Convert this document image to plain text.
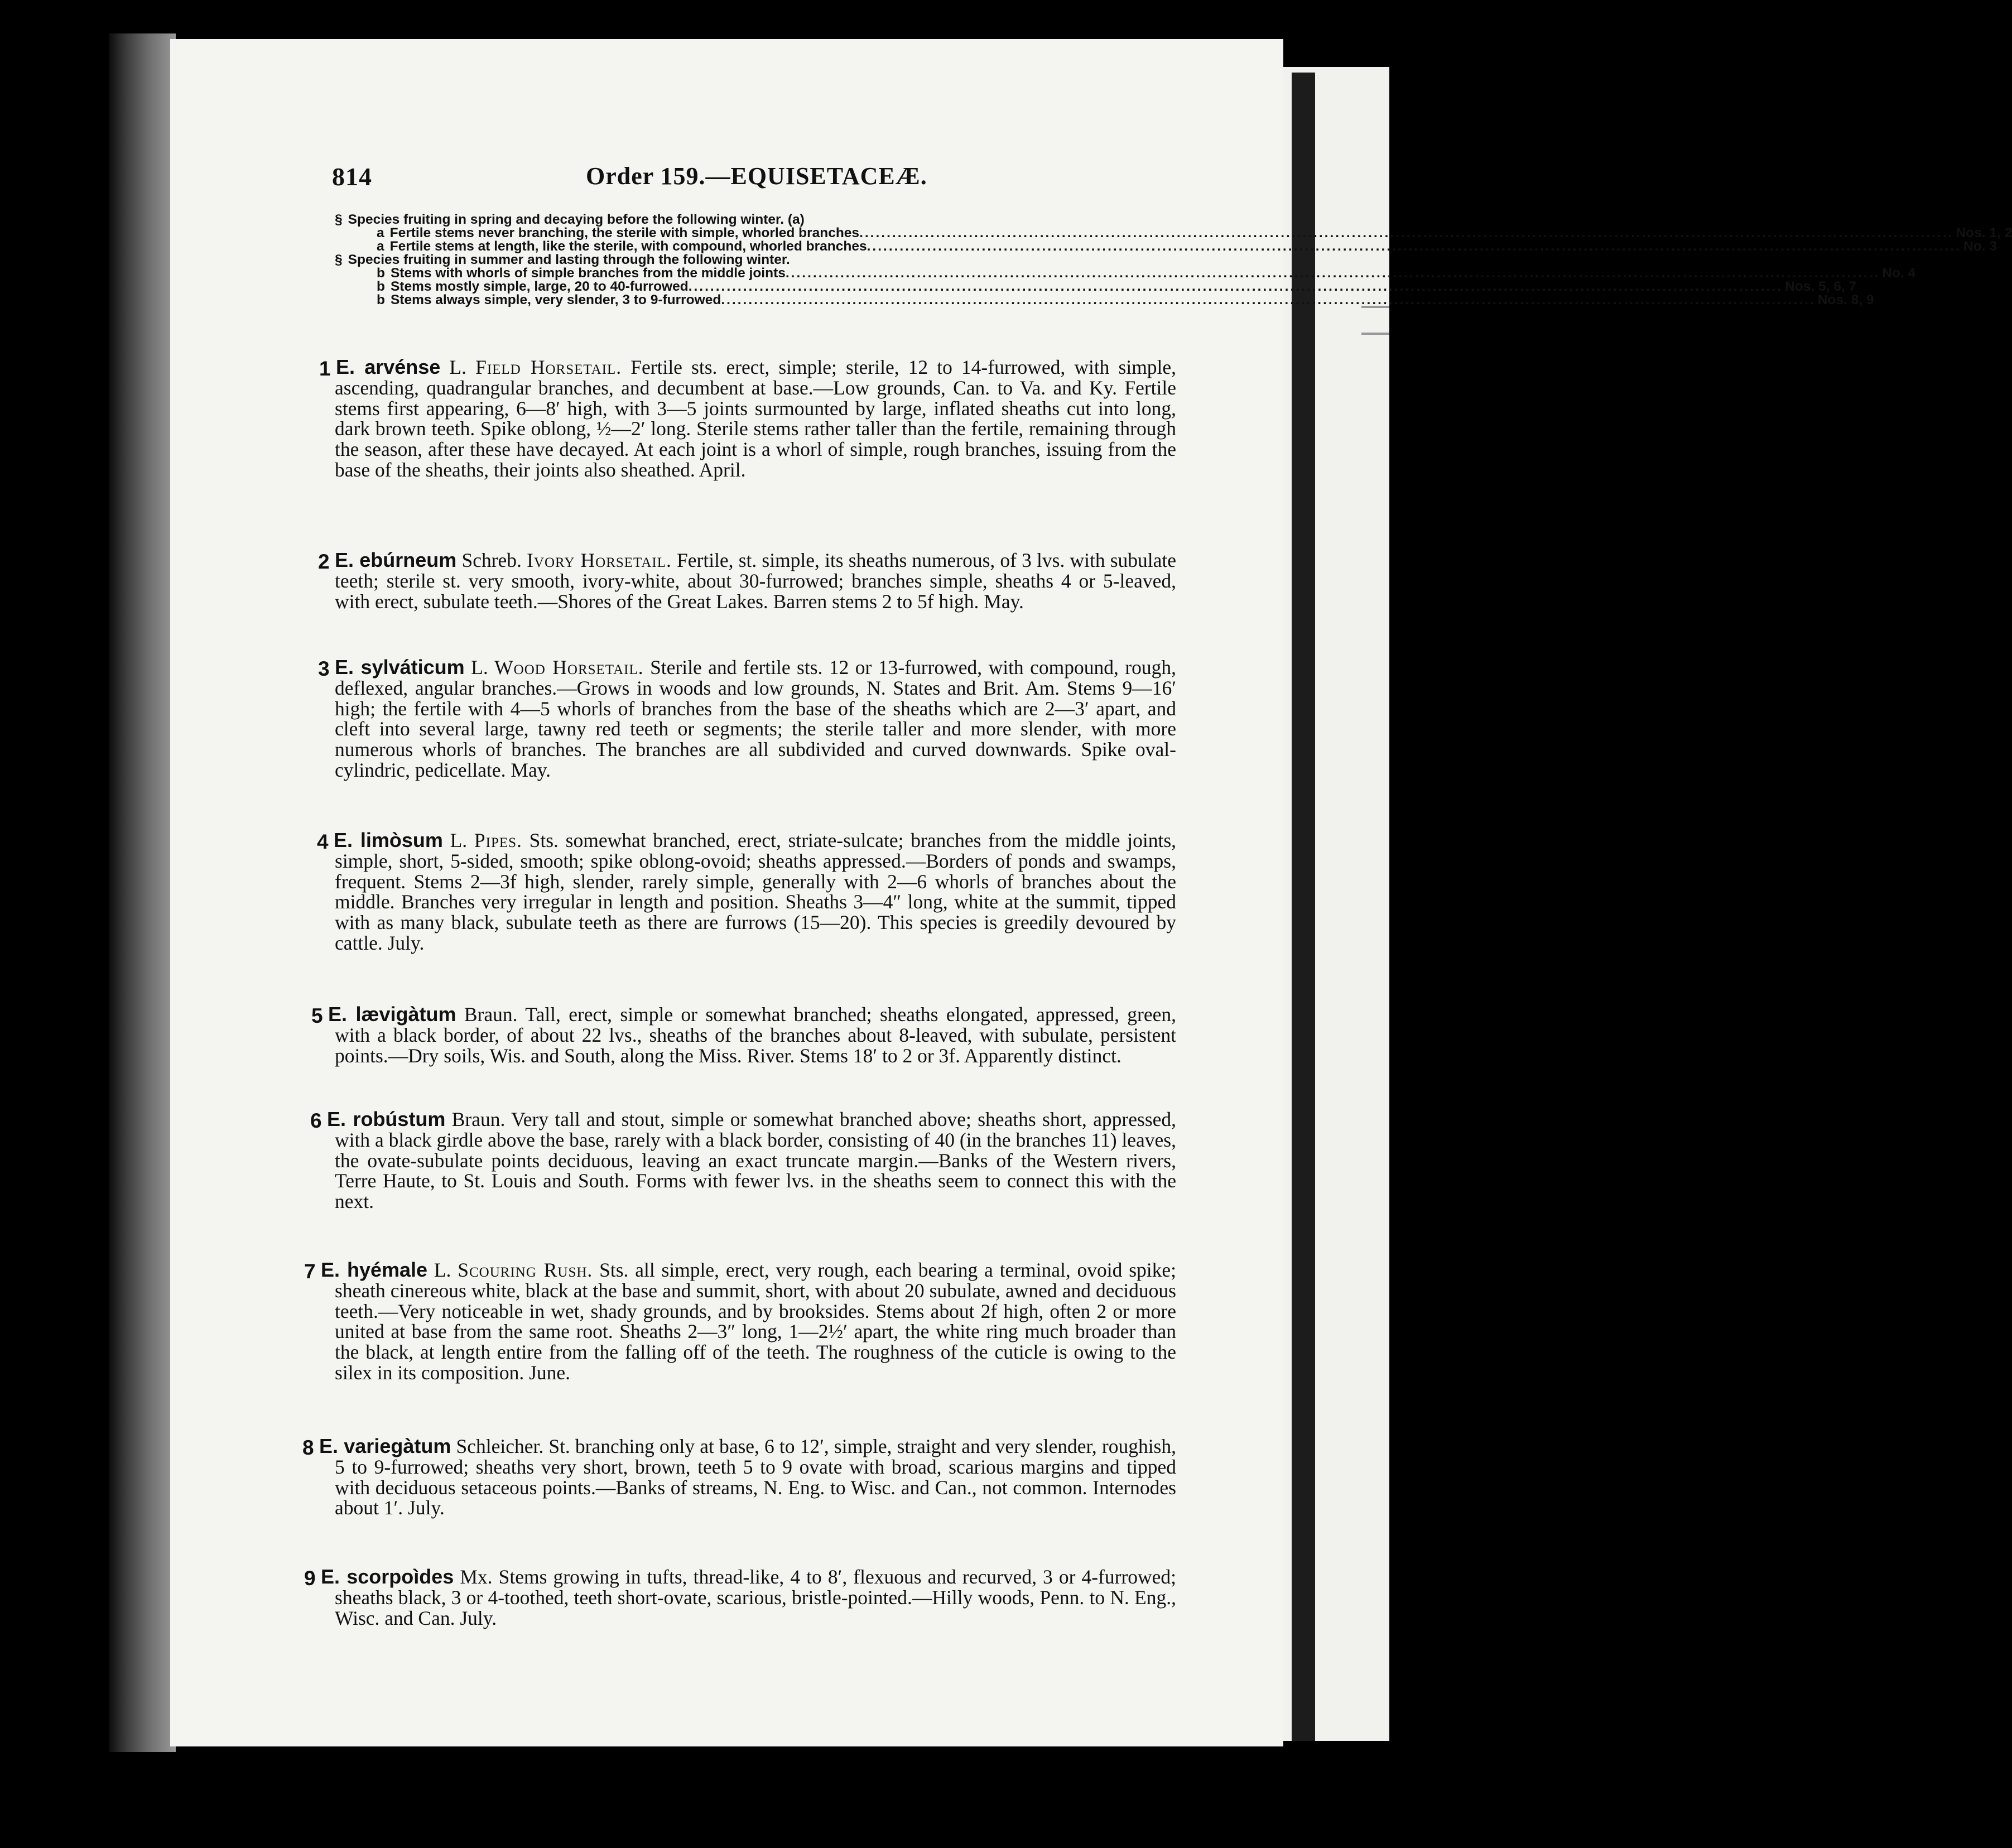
814	Order 159.—EQUISETACEÆ.
§ Species fruiting in spring and decaying before the following winter. (a)
a Fertile stems never branching, the sterile with simple, whorled branches ........................................................................................................................................................................................................ Nos. 1, 2
a Fertile stems at length, like the sterile, with compound, whorled branches ........................................................................................................................................................................................................ No. 3
§ Species fruiting in summer and lasting through the following winter.
b Stems with whorls of simple branches from the middle joints ........................................................................................................................................................................................................ No. 4
b Stems mostly simple, large, 20 to 40-furrowed ........................................................................................................................................................................................................ Nos. 5, 6, 7
b Stems always simple, very slender, 3 to 9-furrowed ........................................................................................................................................................................................................ Nos. 8, 9
1 E. arvénse L. Field Horsetail. Fertile sts. erect, simple; sterile, 12 to 14-furrowed, with simple, ascending, quadrangular branches, and decumbent at base.—Low grounds, Can. to Va. and Ky. Fertile stems first appearing, 6—8′ high, with 3—5 joints surmounted by large, inflated sheaths cut into long, dark brown teeth. Spike oblong, ½—2′ long. Sterile stems rather taller than the fertile, remaining through the season, after these have decayed. At each joint is a whorl of simple, rough branches, issuing from the base of the sheaths, their joints also sheathed. April.
2 E. ebúrneum Schreb. Ivory Horsetail. Fertile, st. simple, its sheaths numerous, of 3 lvs. with subulate teeth; sterile st. very smooth, ivory-white, about 30-furrowed; branches simple, sheaths 4 or 5-leaved, with erect, subulate teeth.—Shores of the Great Lakes. Barren stems 2 to 5f high. May.
3 E. sylváticum L. Wood Horsetail. Sterile and fertile sts. 12 or 13-furrowed, with compound, rough, deflexed, angular branches.—Grows in woods and low grounds, N. States and Brit. Am. Stems 9—16′ high; the fertile with 4—5 whorls of branches from the base of the sheaths which are 2—3′ apart, and cleft into several large, tawny red teeth or segments; the sterile taller and more slender, with more numerous whorls of branches. The branches are all subdivided and curved downwards. Spike oval-cylindric, pedicellate. May.
4 E. limòsum L. Pipes. Sts. somewhat branched, erect, striate-sulcate; branches from the middle joints, simple, short, 5-sided, smooth; spike oblong-ovoid; sheaths appressed.—Borders of ponds and swamps, frequent. Stems 2—3f high, slender, rarely simple, generally with 2—6 whorls of branches about the middle. Branches very irregular in length and position. Sheaths 3—4″ long, white at the summit, tipped with as many black, subulate teeth as there are furrows (15—20). This species is greedily devoured by cattle. July.
5 E. lævigàtum Braun. Tall, erect, simple or somewhat branched; sheaths elongated, appressed, green, with a black border, of about 22 lvs., sheaths of the branches about 8-leaved, with subulate, persistent points.—Dry soils, Wis. and South, along the Miss. River. Stems 18′ to 2 or 3f. Apparently distinct.
6 E. robústum Braun. Very tall and stout, simple or somewhat branched above; sheaths short, appressed, with a black girdle above the base, rarely with a black border, consisting of 40 (in the branches 11) leaves, the ovate-subulate points deciduous, leaving an exact truncate margin.—Banks of the Western rivers, Terre Haute, to St. Louis and South. Forms with fewer lvs. in the sheaths seem to connect this with the next.
7 E. hyémale L. Scouring Rush. Sts. all simple, erect, very rough, each bearing a terminal, ovoid spike; sheath cinereous white, black at the base and summit, short, with about 20 subulate, awned and deciduous teeth.—Very noticeable in wet, shady grounds, and by brooksides. Stems about 2f high, often 2 or more united at base from the same root. Sheaths 2—3″ long, 1—2½′ apart, the white ring much broader than the black, at length entire from the falling off of the teeth. The roughness of the cuticle is owing to the silex in its composition. June.
8 E. variegàtum Schleicher. St. branching only at base, 6 to 12′, simple, straight and very slender, roughish, 5 to 9-furrowed; sheaths very short, brown, teeth 5 to 9 ovate with broad, scarious margins and tipped with deciduous setaceous points.—Banks of streams, N. Eng. to Wisc. and Can., not common. Internodes about 1′. July.
9 E. scorpoìdes Mx. Stems growing in tufts, thread-like, 4 to 8′, flexuous and recurved, 3 or 4-furrowed; sheaths black, 3 or 4-toothed, teeth short-ovate, scarious, bristle-pointed.—Hilly woods, Penn. to N. Eng., Wisc. and Can. July.
